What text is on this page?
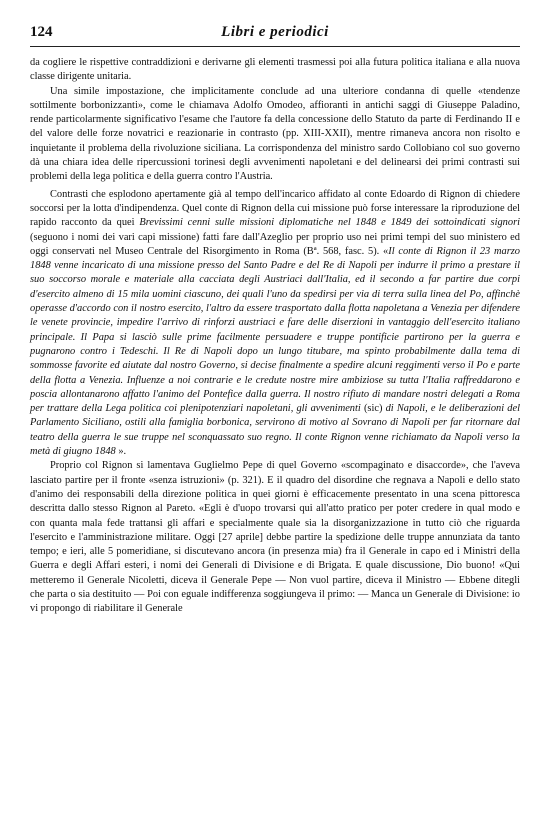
124	Libri e periodici

da cogliere le rispettive contraddizioni e derivarne gli elementi trasmessi poi alla futura politica italiana e alla nuova classe dirigente unitaria.

Una simile impostazione, che implicitamente conclude ad una ulteriore condanna di quelle «tendenze sottilmente borbonizzanti», come le chiamava Adolfo Omodeo, affioranti in antichi saggi di Giuseppe Paladino, rende particolarmente significativo l'esame che l'autore fa della concessione dello Statuto da parte di Ferdinando II e del valore delle forze novatrici e reazionarie in contrasto (pp. XIII-XXII), mentre rimaneva ancora non risolto e inquietante il problema della rivoluzione siciliana. La corrispondenza del ministro sardo Collobiano col suo governo dà una chiara idea delle ripercussioni torinesi degli avvenimenti napoletani e del delinearsi dei primi contrasti sui problemi della lega politica e della guerra contro l'Austria.

Contrasti che esplodono apertamente già al tempo dell'incarico affidato al conte Edoardo di Rignon di chiedere soccorsi per la lotta d'indipendenza. Quel conte di Rignon della cui missione può forse interessare la riproduzione del rapido racconto da quei Brevissimi cenni sulle missioni diplomatiche nel 1848 e 1849 dei sottoindicati signori (seguono i nomi dei vari capi missione) fatti fare dall'Azeglio per proprio uso nei primi tempi del suo ministero ed oggi conservati nel Museo Centrale del Risorgimento in Roma (Bª. 568, fasc. 5). «Il conte di Rignon il 23 marzo 1848 venne incaricato di una missione presso del Santo Padre e del Re di Napoli per indurre il primo a prestare il suo soccorso morale e materiale alla cacciata degli Austriaci dall'Italia, ed il secondo a far partire due corpi d'esercito almeno di 15 mila uomini ciascuno, dei quali l'uno da spedirsi per via di terra sulla linea del Po, affinchè operasse d'accordo con il nostro esercito, l'altro da essere trasportato dalla flotta napoletana a Venezia per difendere le venete provincie, impedire l'arrivo di rinforzi austriaci e fare delle diserzioni in vantaggio dell'esercito italiano principale. Il Papa si lasciò sulle prime facilmente persuadere e truppe pontificie partirono per la guerra e pugnarono contro i Tedeschi. Il Re di Napoli dopo un lungo titubare, ma spinto probabilmente dalla tema di sommosse favorite ed aiutate dal nostro Governo, si decise finalmente a spedire alcuni reggimenti verso il Po e parte della flotta a Venezia. Influenze a noi contrarie e le credute nostre mire ambiziose su tutta l'Italia raffreddarono e poscia allontanarono affatto l'animo del Pontefice dalla guerra. Il nostro rifiuto di mandare nostri delegati a Roma per trattare della Lega politica coi plenipotenziari napoletani, gli avvenimenti (sic) di Napoli, e le deliberazioni del Parlamento Siciliano, ostili alla famiglia borbonica, servirono di motivo al Sovrano di Napoli per far ritornare dal teatro della guerra le sue truppe nel sconquassato suo regno. Il conte Rignon venne richiamato da Napoli verso la metà di giugno 1848 ».

Proprio col Rignon si lamentava Guglielmo Pepe di quel Governo «scompaginato e disaccorde», che l'aveva lasciato partire per il fronte «senza istruzioni» (p. 321). E il quadro del disordine che regnava a Napoli e dello stato d'animo dei responsabili della direzione politica in quei giorni è efficacemente presentato in una scena pittoresca descritta dallo stesso Rignon al Pareto. «Egli è d'uopo trovarsi qui all'atto pratico per poter credere in qual modo e con quanta mala fede trattansi gli affari e specialmente quale sia la disorganizzazione in tutto ciò che riguarda l'esercito e l'amministrazione militare. Oggi [27 aprile] debbe partire la spedizione delle truppe annunziata da tanto tempo; e ieri, alle 5 pomeridiane, si discutevano ancora (in presenza mia) fra il Generale in capo ed i Ministri della Guerra e degli Affari esteri, i nomi dei Generali di Divisione e di Brigata. E quale discussione, Dio buono! «Qui metteremo il Generale Nicoletti, diceva il Generale Pepe — Non vuol partire, diceva il Ministro — Ebbene ditegli che parta o sia destituito — Poi con eguale indifferenza soggiungeva il primo: — Manca un Generale di Divisione: io vi propongo di riabilitare il Generale
